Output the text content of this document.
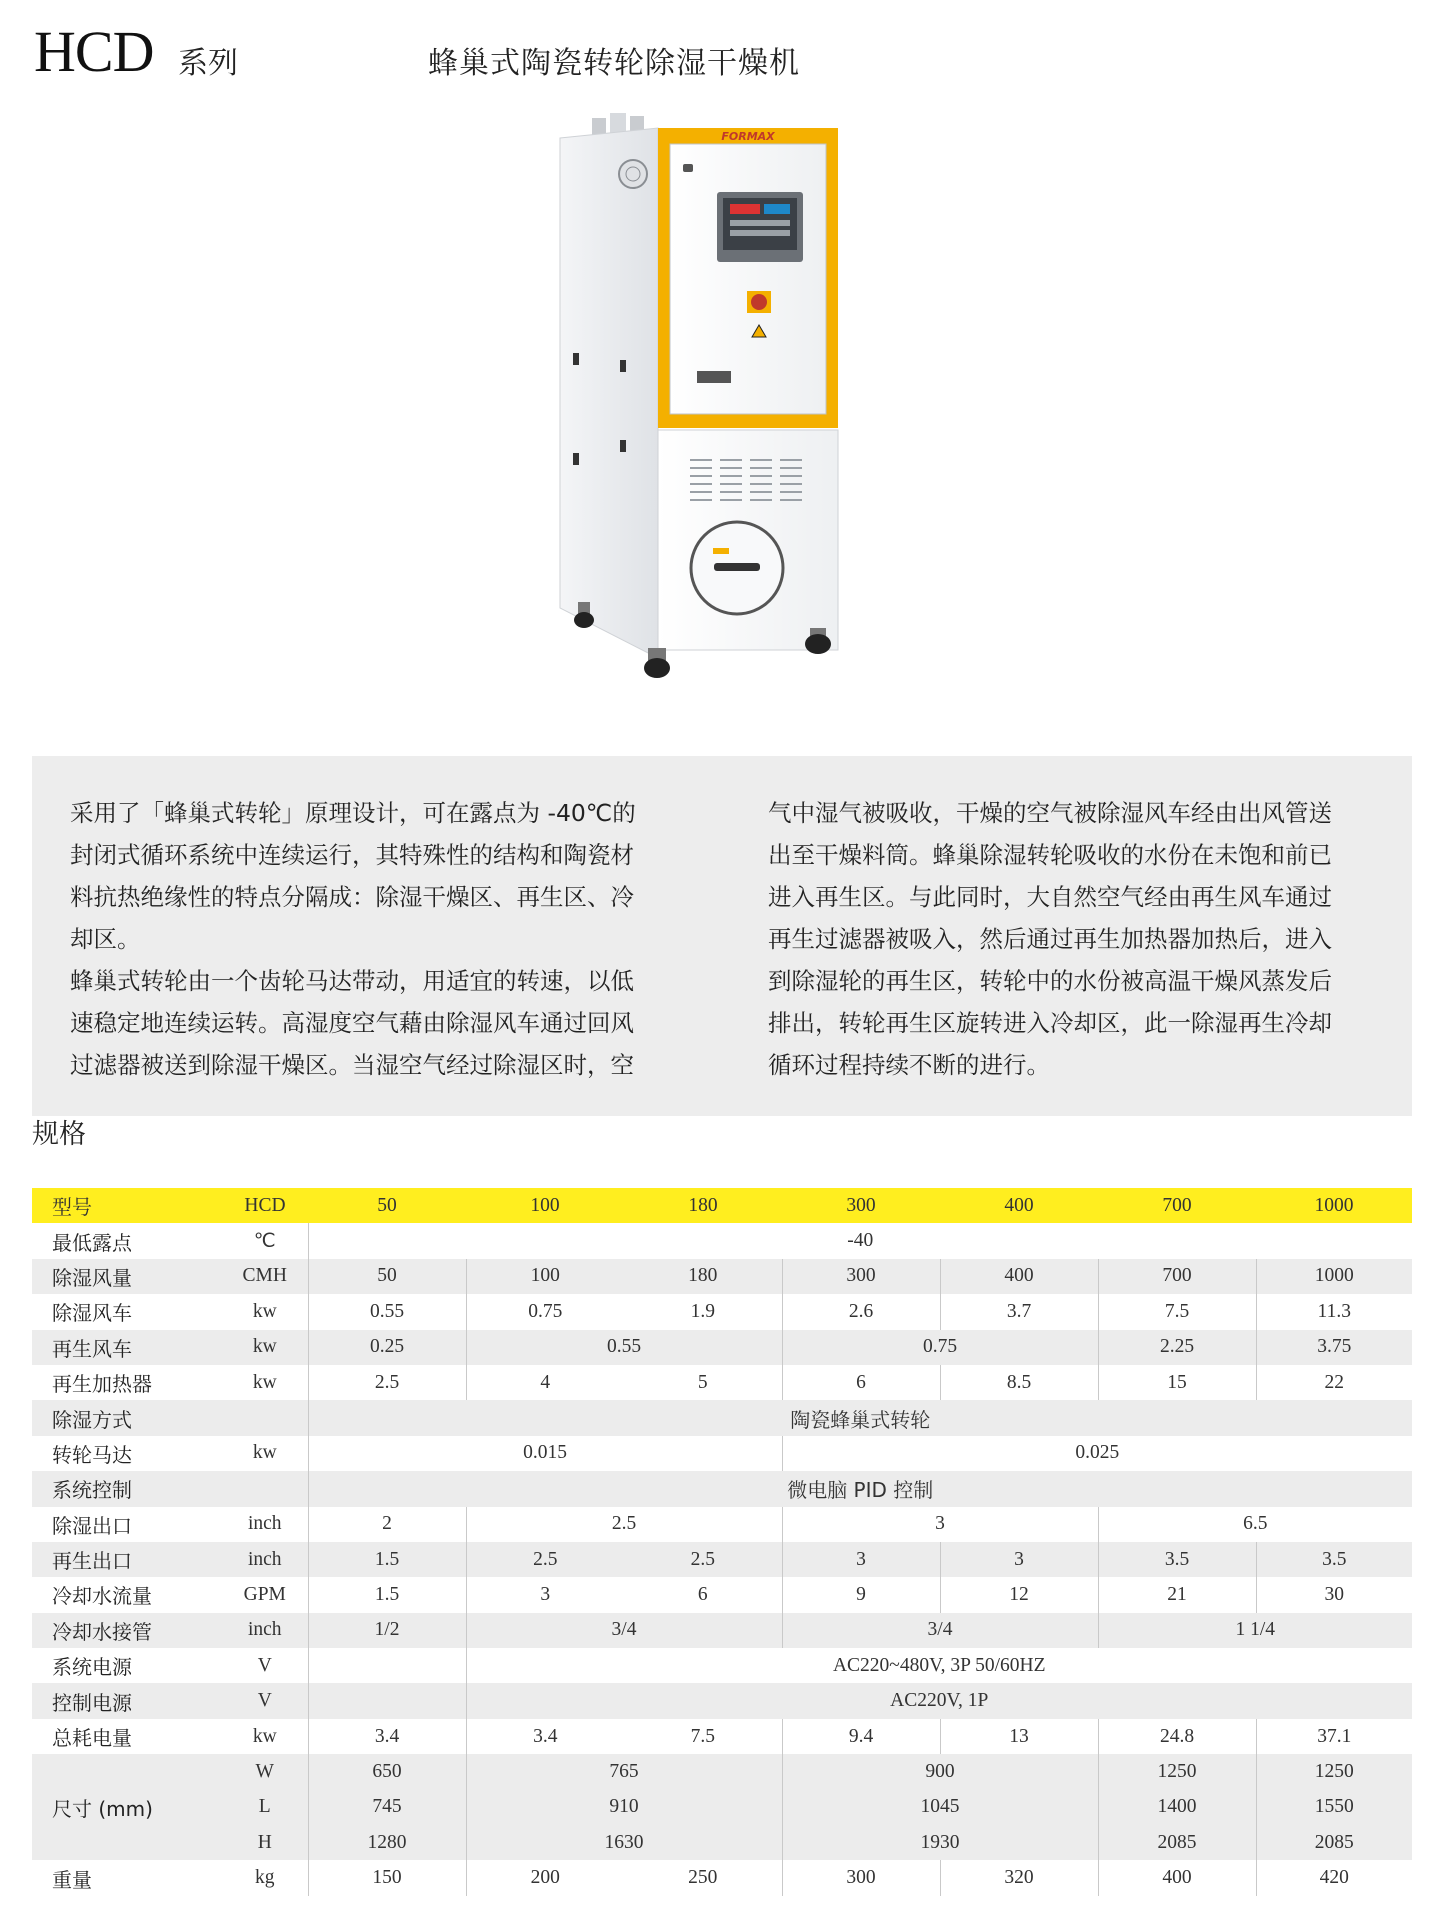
HCD 系列	蜂巢式陶瓷转轮除湿干燥机
FORMAX

采用了「蜂巢式转轮」原理设计，可在露点为 -40℃的
封闭式循环系统中连续运行，其特殊性的结构和陶瓷材
料抗热绝缘性的特点分隔成：除湿干燥区、再生区、冷
却区。
蜂巢式转轮由一个齿轮马达带动，用适宜的转速，以低
速稳定地连续运转。高湿度空气藉由除湿风车通过回风
过滤器被送到除湿干燥区。当湿空气经过除湿区时，空

气中湿气被吸收，干燥的空气被除湿风车经由出风管送
出至干燥料筒。蜂巢除湿转轮吸收的水份在未饱和前已
进入再生区。与此同时，大自然空气经由再生风车通过
再生过滤器被吸入，然后通过再生加热器加热后，进入
到除湿轮的再生区，转轮中的水份被高温干燥风蒸发后
排出，转轮再生区旋转进入冷却区，此一除湿再生冷却
循环过程持续不断的进行。

规格
型号	HCD	50	100	180	300	400	700	1000
最低露点	℃	-40						
除湿风量	CMH	50	100	180	300	400	700	1000
除湿风车	kw	0.55	0.75	1.9	2.6	3.7	7.5	11.3
再生风车	kw	0.25	0.55		0.75		2.25	3.75
再生加热器	kw	2.5	4	5	6	8.5	15	22
除湿方式		陶瓷蜂巢式转轮						
转轮马达	kw	0.015			0.025			
系统控制		微电脑 PID 控制						
除湿出口	inch	2	2.5		3		6.5	
再生出口	inch	1.5	2.5	2.5	3	3	3.5	3.5
冷却水流量	GPM	1.5	3	6	9	12	21	30
冷却水接管	inch	1/2	3/4		3/4		1 1/4	
系统电源	V		AC220~480V, 3P 50/60HZ					
控制电源	V		AC220V, 1P					
总耗电量	kw	3.4	3.4	7.5	9.4	13	24.8	37.1
尺寸 (mm)	W	650	765		900		1250	1250
	L	745	910		1045		1400	1550
	H	1280	1630		1930		2085	2085
重量	kg	150	200	250	300	320	400	420
